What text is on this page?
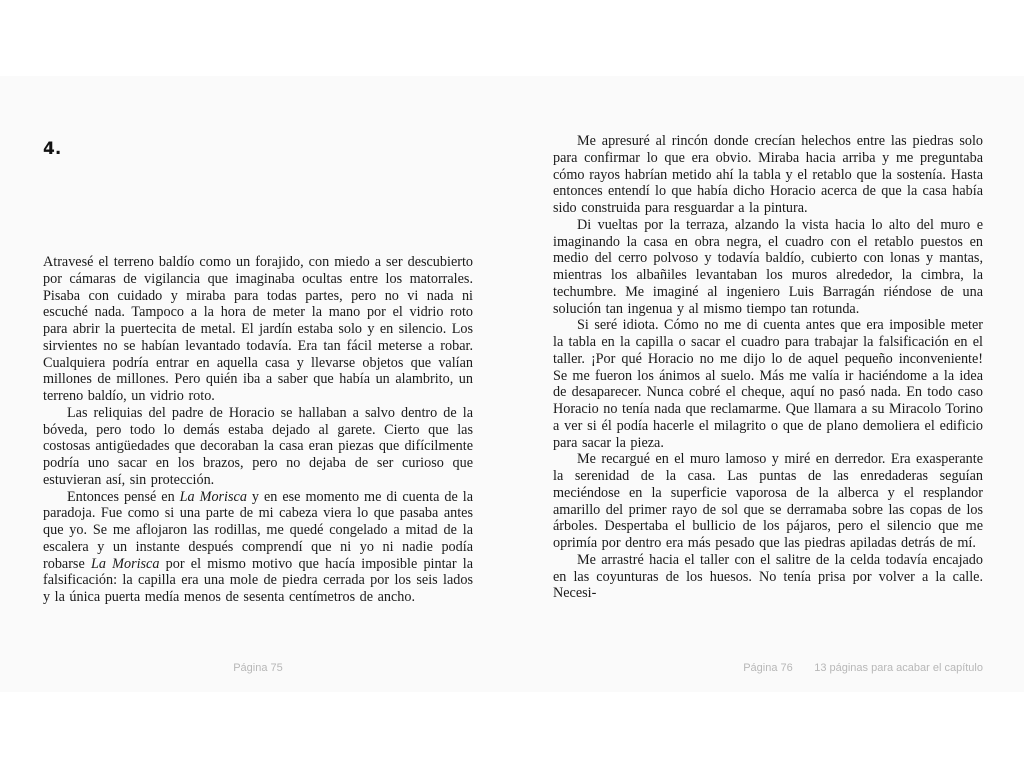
4.

Atravesé el terreno baldío como un forajido, con miedo a ser descubierto por cámaras de vigilancia que imaginaba ocultas entre los matorrales. Pisaba con cuidado y miraba para todas partes, pero no vi nada ni escuché nada. Tampoco a la hora de meter la mano por el vidrio roto para abrir la puertecita de metal. El jardín estaba solo y en silencio. Los sirvientes no se habían levantado todavía. Era tan fácil meterse a robar. Cualquiera podría entrar en aquella casa y llevarse objetos que valían millones de millones. Pero quién iba a saber que había un alambrito, un terreno baldío, un vidrio roto.

Las reliquias del padre de Horacio se hallaban a salvo dentro de la bóveda, pero todo lo demás estaba dejado al garete. Cierto que las costosas antigüedades que decoraban la casa eran piezas que difícilmente podría uno sacar en los brazos, pero no dejaba de ser curioso que estuvieran así, sin protección.

Entonces pensé en La Morisca y en ese momento me di cuenta de la paradoja. Fue como si una parte de mi cabeza viera lo que pasaba antes que yo. Se me aflojaron las rodillas, me quedé congelado a mitad de la escalera y un instante después comprendí que ni yo ni nadie podía robarse La Morisca por el mismo motivo que hacía imposible pintar la falsificación: la capilla era una mole de piedra cerrada por los seis lados y la única puerta medía menos de sesenta centímetros de ancho.

Página 75

Me apresuré al rincón donde crecían helechos entre las piedras solo para confirmar lo que era obvio. Miraba hacia arriba y me preguntaba cómo rayos habrían metido ahí la tabla y el retablo que la sostenía. Hasta entonces entendí lo que había dicho Horacio acerca de que la casa había sido construida para resguardar a la pintura.

Di vueltas por la terraza, alzando la vista hacia lo alto del muro e imaginando la casa en obra negra, el cuadro con el retablo puestos en medio del cerro polvoso y todavía baldío, cubierto con lonas y mantas, mientras los albañiles levantaban los muros alrededor, la cimbra, la techumbre. Me imaginé al ingeniero Luis Barragán riéndose de una solución tan ingenua y al mismo tiempo tan rotunda.

Si seré idiota. Cómo no me di cuenta antes que era imposible meter la tabla en la capilla o sacar el cuadro para trabajar la falsificación en el taller. ¡Por qué Horacio no me dijo lo de aquel pequeño inconveniente! Se me fueron los ánimos al suelo. Más me valía ir haciéndome a la idea de desaparecer. Nunca cobré el cheque, aquí no pasó nada. En todo caso Horacio no tenía nada que reclamarme. Que llamara a su Miracolo Torino a ver si él podía hacerle el milagrito o que de plano demoliera el edificio para sacar la pieza.

Me recargué en el muro lamoso y miré en derredor. Era exasperante la serenidad de la casa. Las puntas de las enredaderas seguían meciéndose en la superficie vaporosa de la alberca y el resplandor amarillo del primer rayo de sol que se derramaba sobre las copas de los árboles. Despertaba el bullicio de los pájaros, pero el silencio que me oprimía por dentro era más pesado que las piedras apiladas detrás de mí.

Me arrastré hacia el taller con el salitre de la celda todavía encajado en las coyunturas de los huesos. No tenía prisa por volver a la calle. Necesi-

Página 76	13 páginas para acabar el capítulo
